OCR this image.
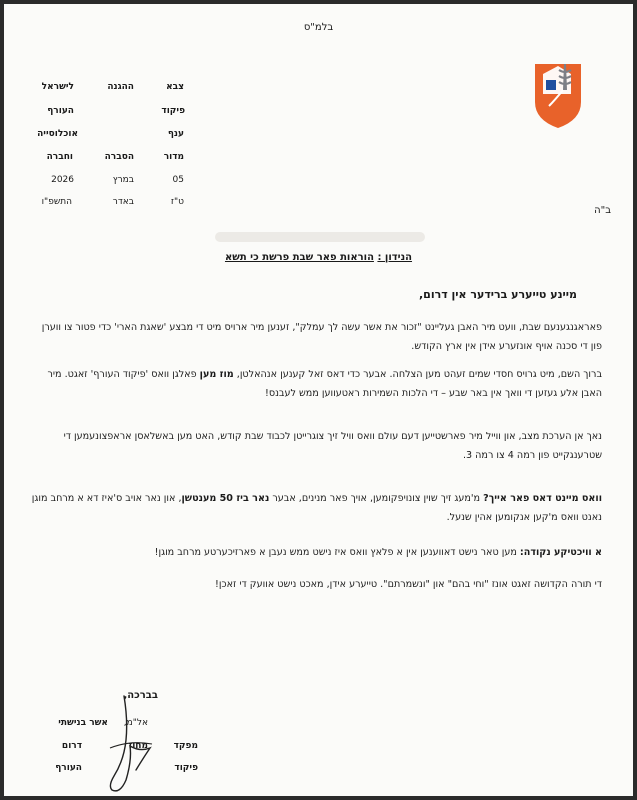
בלמ"ס
צבא
ההגנה
לישראל
פיקוד
העורף
ענף
אוכלוסייה
מדור
הסברה
וחברה
05
במרץ
2026
ט"ז
באדר
התשפ"ו
ב"ה
הנידון : הוראות פאר שבת פרשת כי תשא
מיינע טייערע ברידער אין דרום,
פאראגנגענעם שבת, וועט מיר האבן געליינט "זכור את אשר עשה לך עמלק", זענען מיר ארויס מיט די מבצע 'שאגת הארי' כדי פטור צו ווערן פון די סכנה אויף אונזערע אידן אין ארץ הקודש.
ברוך השם, מיט גרויס חסדי שמים זעהט מען הצלחה. אבער כדי דאס זאל קענען אנהאלטן, מוז מען פאלגן וואס 'פיקוד העורף' זאגט. מיר האבן אלע געזען די וואך אין באר שבע – די הלכות השמירות ראטעווען ממש לעבנס!
נאך אן הערכת מצב, און ווייל מיר פארשטייען דעם עולם וואס וויל זיך צוגרייטן לכבוד שבת קודש, האט מען באשלאסן אראפצונעמען די שטרענגקייט פון רמה 4 צו רמה 3.
וואס מיינט דאס פאר אייך? מ'מעג זיך שוין צונויפקומען, אויך פאר מנינים, אבער נאר ביז 50 מענטשן, און נאר אויב ס'איז דא א מרחב מוגן נאנט וואס מ'קען אנקומען אהין שנעל.
א וויכטיקע נקודה: מען טאר נישט דאווענען אין א פלאץ וואס איז נישט ממש נעבן א פארזיכערטע מרחב מוגן!
די תורה הקדושה זאגט אונז "וחי בהם" און "ונשמרתם". טייערע אידן, מאכט נישט אוועק די זאכן!
בברכה,
אל"מ,
אשר בנישתי
מפקד
מחוז
דרום
פיקוד
העורף
